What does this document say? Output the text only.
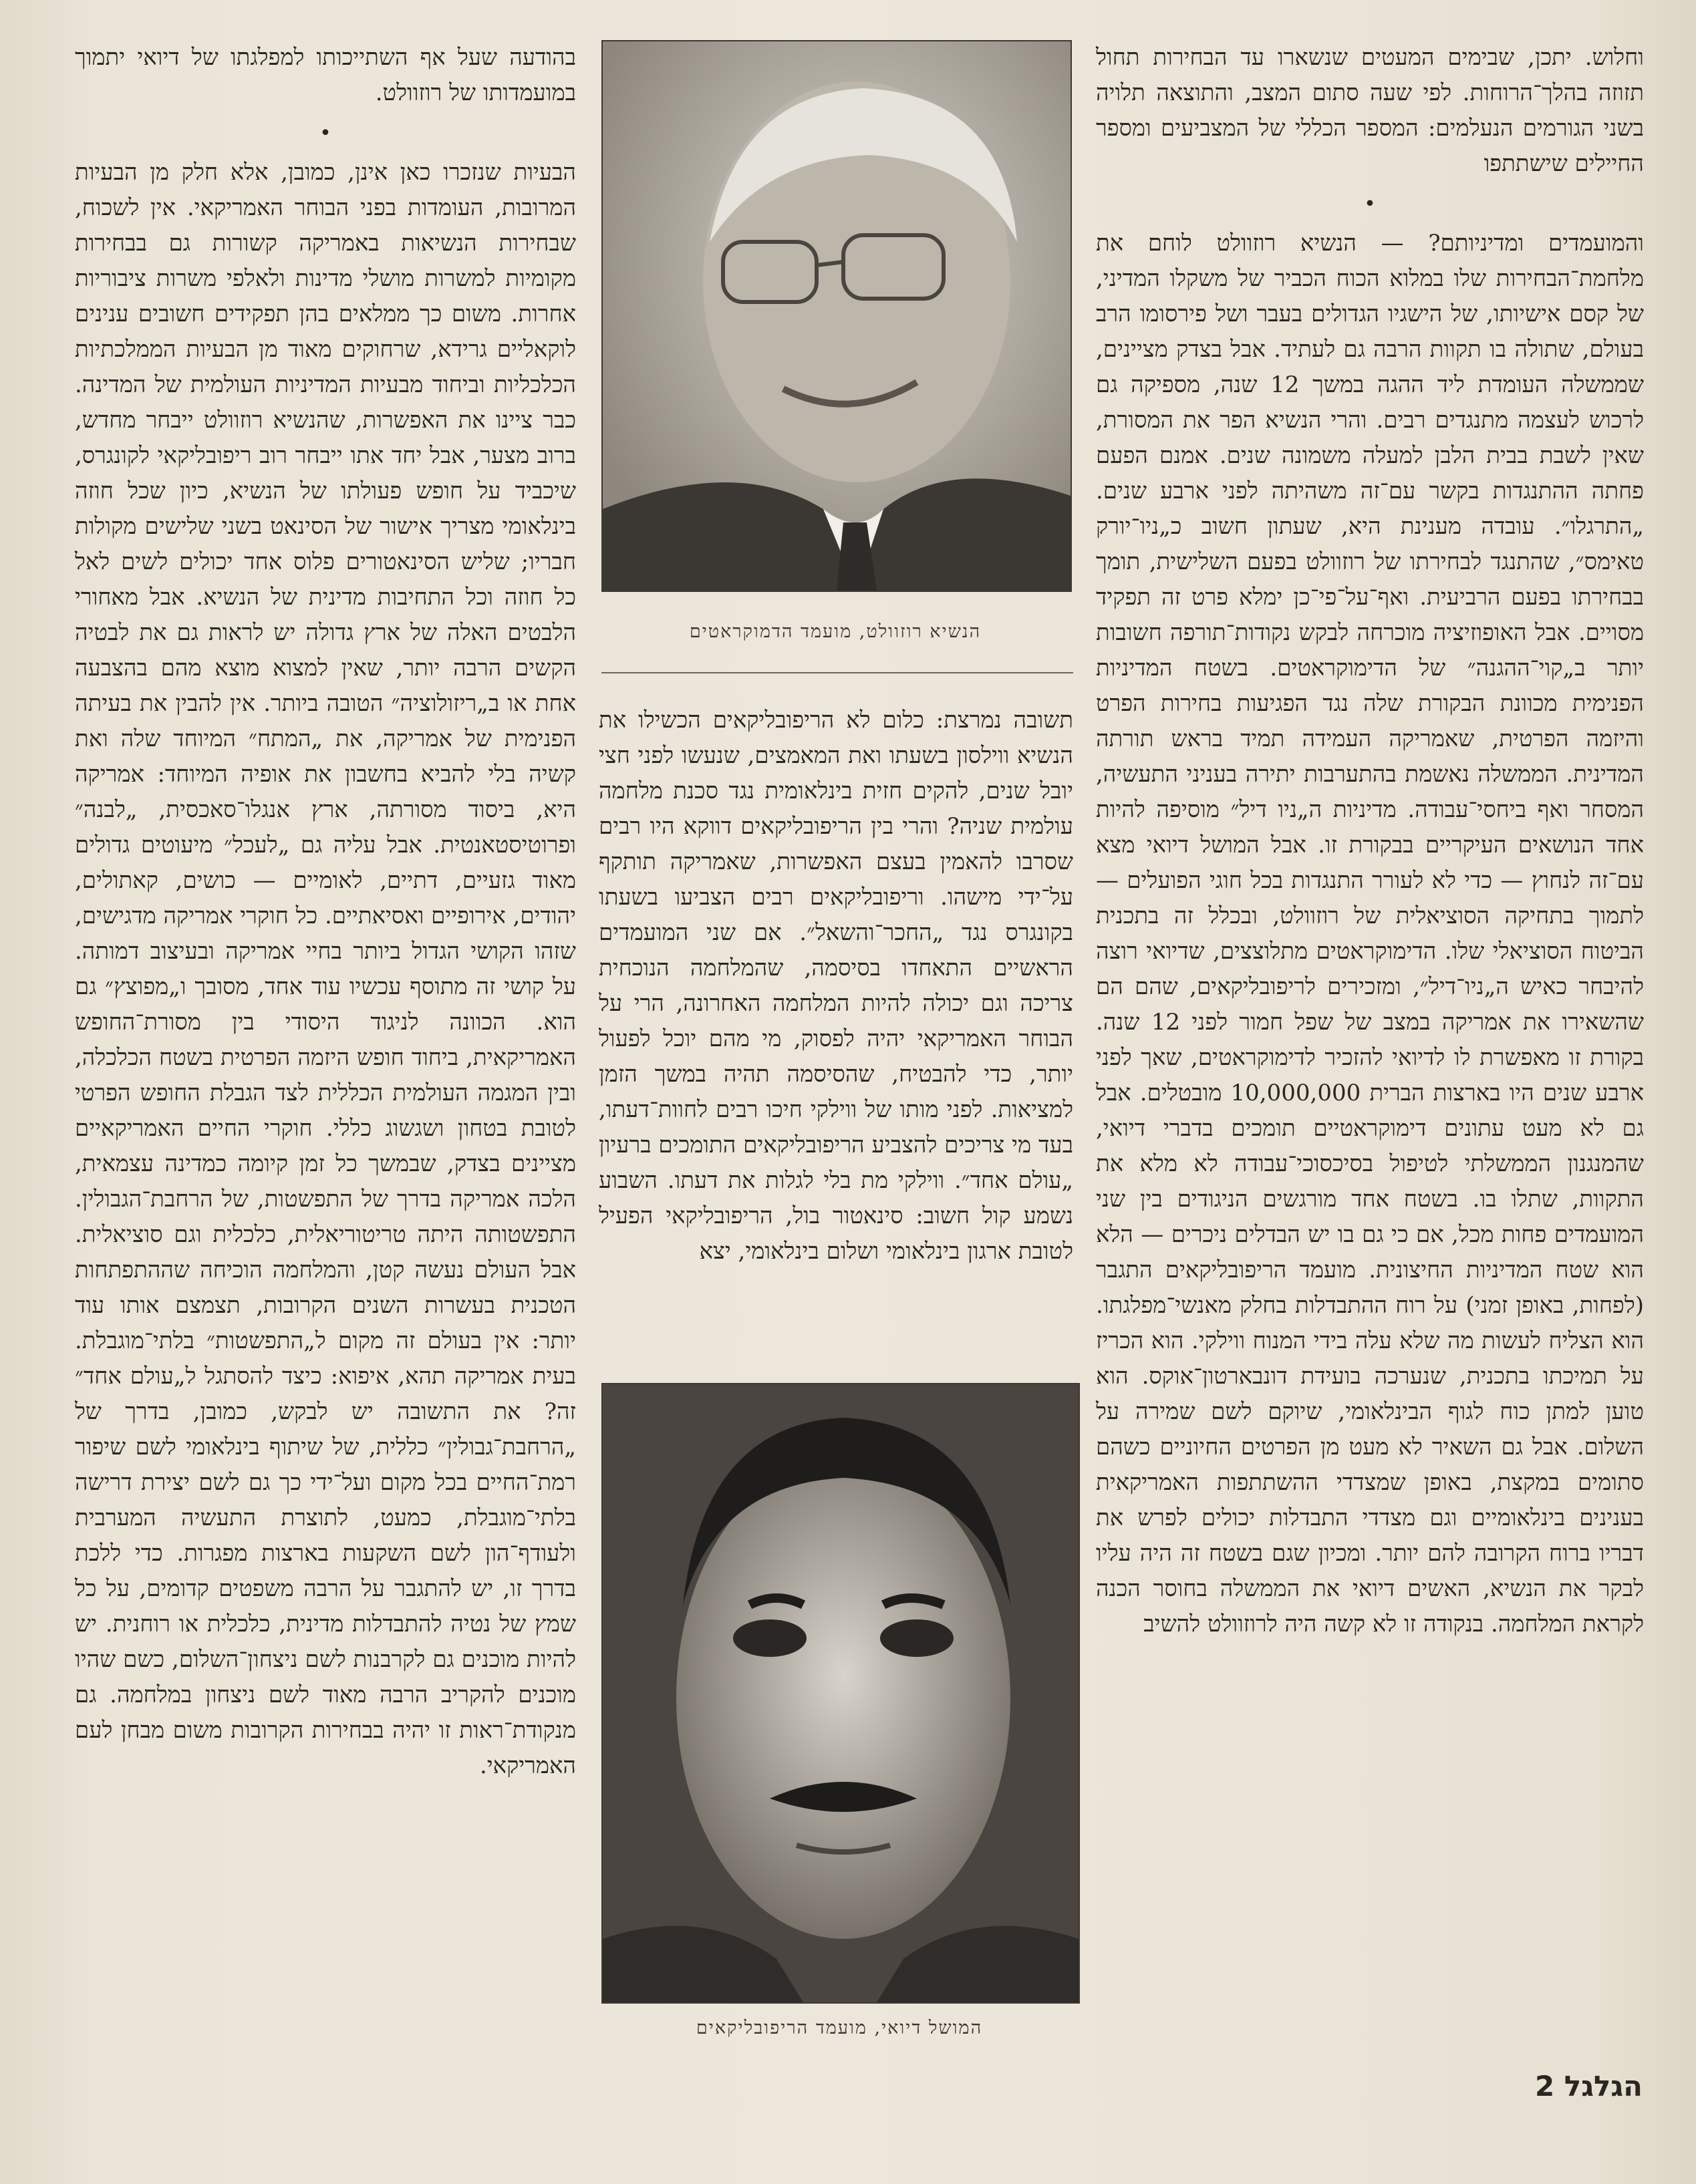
וחלוש. יתכן, שבימים המעטים שנשארו עד הבחירות תחול תזוזה בהלך־הרוחות. לפי שעה סתום המצב, והתוצאה תלויה בשני הגורמים הנעלמים: המספר הכללי של המצביעים ומספר החיילים שישתתפו

•

והמועמדים ומדיניותם? — הנשיא רוזוולט לוחם את מלחמת־הבחירות שלו במלוא הכוח הכביר של משקלו המדיני, של קסם אישיותו, של הישגיו הגדולים בעבר ושל פירסומו הרב בעולם, שתולה בו תקוות הרבה גם לעתיד. אבל בצדק מציינים, שממשלה העומדת ליד ההגה במשך 12 שנה, מספיקה גם לרכוש לעצמה מתנגדים רבים. והרי הנשיא הפר את המסורת, שאין לשבת בבית הלבן למעלה משמונה שנים. אמנם הפעם פחתה ההתנגדות בקשר עם־זה משהיתה לפני ארבע שנים. „התרגלו״. עובדה מענינת היא, שעתון חשוב כ„ניו־יורק טאימס״, שהתנגד לבחירתו של רוזוולט בפעם השלישית, תומך בבחירתו בפעם הרביעית. ואף־על־פי־כן ימלא פרט זה תפקיד מסויים. אבל האופוזיציה מוכרחה לבקש נקודות־תורפה חשובות יותר ב„קוי־ההגנה״ של הדימוקראטים. בשטח המדיניות הפנימית מכוונת הבקורת שלה נגד הפגיעות בחירות הפרט והיזמה הפרטית, שאמריקה העמידה תמיד בראש תורתה המדינית. הממשלה נאשמת בהתערבות יתירה בעניני התעשיה, המסחר ואף ביחסי־עבודה. מדיניות ה„ניו דיל״ מוסיפה להיות אחד הנושאים העיקריים בבקורת זו. אבל המושל דיואי מצא עם־זה לנחוץ — כדי לא לעורר התנגדות בכל חוגי הפועלים — לתמוך בתחיקה הסוציאלית של רוזוולט, ובכלל זה בתכנית הביטוח הסוציאלי שלו. הדימוקראטים מתלוצצים, שדיואי רוצה להיבחר כאיש ה„ניו־דיל״, ומזכירים לריפובליקאים, שהם הם שהשאירו את אמריקה במצב של שפל חמור לפני 12 שנה. בקורת זו מאפשרת לו לדיואי להזכיר לדימוקראטים, שאך לפני ארבע שנים היו בארצות הברית 10,000,000 מובטלים. אבל גם לא מעט עתונים דימוקראטיים תומכים בדברי דיואי, שהמנגנון הממשלתי לטיפול בסיכסוכי־עבודה לא מלא את התקוות, שתלו בו. בשטח אחד מורגשים הניגודים בין שני המועמדים פחות מכל, אם כי גם בו יש הבדלים ניכרים — הלא הוא שטח המדיניות החיצונית. מועמד הריפובליקאים התגבר (לפחות, באופן זמני) על רוח ההתבדלות בחלק מאנשי־מפלגתו. הוא הצליח לעשות מה שלא עלה בידי המנוח ווילקי. הוא הכריז על תמיכתו בתכנית, שנערכה בועידת דונבארטון־אוקס. הוא טוען למתן כוח לגוף הבינלאומי, שיוקם לשם שמירה על השלום. אבל גם השאיר לא מעט מן הפרטים החיוניים כשהם סתומים במקצת, באופן שמצדדי ההשתתפות האמריקאית בענינים בינלאומיים וגם מצדדי התבדלות יכולים לפרש את דבריו ברוח הקרובה להם יותר. ומכיון שגם בשטח זה היה עליו לבקר את הנשיא, האשים דיואי את הממשלה בחוסר הכנה לקראת המלחמה. בנקודה זו לא קשה היה לרוזוולט להשיב

הנשיא רוזוולט, מועמד הדמוקראטים

תשובה נמרצת: כלום לא הריפובליקאים הכשילו את הנשיא ווילסון בשעתו ואת המאמצים, שנעשו לפני חצי יובל שנים, להקים חזית בינלאומית נגד סכנת מלחמה עולמית שניה? והרי בין הריפובליקאים דווקא היו רבים שסרבו להאמין בעצם האפשרות, שאמריקה תותקף על־ידי מישהו. וריפובליקאים רבים הצביעו בשעתו בקונגרס נגד „החכר־והשאל״. אם שני המועמדים הראשיים התאחדו בסיסמה, שהמלחמה הנוכחית צריכה וגם יכולה להיות המלחמה האחרונה, הרי על הבוחר האמריקאי יהיה לפסוק, מי מהם יוכל לפעול יותר, כדי להבטיח, שהסיסמה תהיה במשך הזמן למציאות. לפני מותו של ווילקי חיכו רבים לחוות־דעתו, בעד מי צריכים להצביע הריפובליקאים התומכים ברעיון „עולם אחד״. ווילקי מת בלי לגלות את דעתו. השבוע נשמע קול חשוב: סינאטור בול, הריפובליקאי הפעיל לטובת ארגון בינלאומי ושלום בינלאומי, יצא

המושל דיואי, מועמד הריפובליקאים

בהודעה שעל אף השתייכותו למפלגתו של דיואי יתמוך במועמדותו של רוזוולט.

•

הבעיות שנזכרו כאן אינן, כמובן, אלא חלק מן הבעיות המרובות, העומדות בפני הבוחר האמריקאי. אין לשכוח, שבחירות הנשיאות באמריקה קשורות גם בבחירות מקומיות למשרות מושלי מדינות ולאלפי משרות ציבוריות אחרות. משום כך ממלאים בהן תפקידים חשובים ענינים לוקאליים גרידא, שרחוקים מאוד מן הבעיות הממלכתיות הכלכליות וביחוד מבעיות המדיניות העולמית של המדינה. כבר ציינו את האפשרות, שהנשיא רוזוולט ייבחר מחדש, ברוב מצער, אבל יחד אתו ייבחר רוב ריפובליקאי לקונגרס, שיכביד על חופש פעולתו של הנשיא, כיון שכל חוזה בינלאומי מצריך אישור של הסינאט בשני שלישים מקולות חבריו; שליש הסינאטורים פלוס אחד יכולים לשים לאל כל חוזה וכל התחיבות מדינית של הנשיא. אבל מאחורי הלבטים האלה של ארץ גדולה יש לראות גם את לבטיה הקשים הרבה יותר, שאין למצוא מוצא מהם בהצבעה אחת או ב„ריזולוציה״ הטובה ביותר. אין להבין את בעיתה הפנימית של אמריקה, את „המתח״ המיוחד שלה ואת קשיה בלי להביא בחשבון את אופיה המיוחד: אמריקה היא, ביסוד מסורתה, ארץ אנגלו־סאכסית, „לבנה״ ופרוטיסטאנטית. אבל עליה גם „לעכל״ מיעוטים גדולים מאוד גזעיים, דתיים, לאומיים — כושים, קאתולים, יהודים, אירופיים ואסיאתיים. כל חוקרי אמריקה מדגישים, שזהו הקושי הגדול ביותר בחיי אמריקה ובעיצוב דמותה. על קושי זה מתוסף עכשיו עוד אחד, מסובך ו„מפוצץ״ גם הוא. הכוונה לניגוד היסודי בין מסורת־החופש האמריקאית, ביחוד חופש היזמה הפרטית בשטח הכלכלה, ובין המגמה העולמית הכללית לצד הגבלת החופש הפרטי לטובת בטחון ושגשוג כללי. חוקרי החיים האמריקאיים מציינים בצדק, שבמשך כל זמן קיומה כמדינה עצמאית, הלכה אמריקה בדרך של התפשטות, של הרחבת־הגבולין. התפשטותה היתה טריטוריאלית, כלכלית וגם סוציאלית. אבל העולם נעשה קטן, והמלחמה הוכיחה שההתפתחות הטכנית בעשרות השנים הקרובות, תצמצם אותו עוד יותר: אין בעולם זה מקום ל„התפשטות״ בלתי־מוגבלת. בעית אמריקה תהא, איפוא: כיצד להסתגל ל„עולם אחד״ זה? את התשובה יש לבקש, כמובן, בדרך של „הרחבת־גבולין״ כללית, של שיתוף בינלאומי לשם שיפור רמת־החיים בכל מקום ועל־ידי כך גם לשם יצירת דרישה בלתי־מוגבלת, כמעט, לתוצרת התעשיה המערבית ולעודף־הון לשם השקעות בארצות מפגרות. כדי ללכת בדרך זו, יש להתגבר על הרבה משפטים קדומים, על כל שמץ של נטיה להתבדלות מדינית, כלכלית או רוחנית. יש להיות מוכנים גם לקרבנות לשם ניצחון־השלום, כשם שהיו מוכנים להקריב הרבה מאוד לשם ניצחון במלחמה. גם מנקודת־ראות זו יהיה בבחירות הקרובות משום מבחן לעם האמריקאי.

הגלגל 2
